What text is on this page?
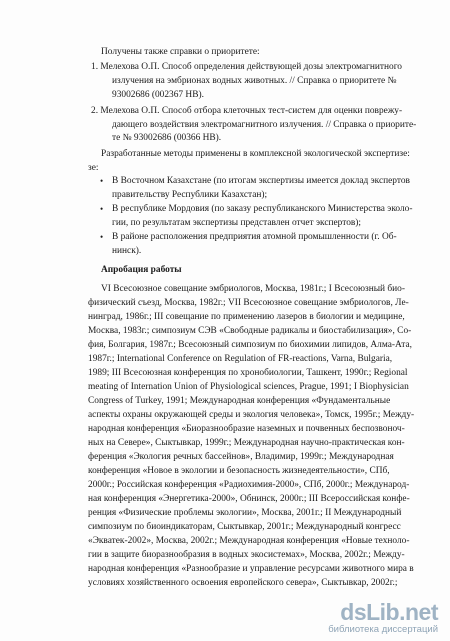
Получены также справки о приоритете:
1. Мелехова О.П. Способ определения действующей дозы электромагнитного
излучения на эмбрионах водных животных. // Справка о приоритете №
93002686 (002367 НВ).
2. Мелехова О.П. Способ отбора клеточных тест-систем для оценки поврежу-
дающего воздействия электромагнитного излучения. // Справка о приорите-
те № 93002686 (00366 НВ).
Разработанные методы применены в комплексной экологической экспертизе:
зе:
В Восточном Казахстане (по итогам экспертизы имеется доклад экспертов
правительству Республики Казахстан);
В республике Мордовия (по заказу республиканского Министерства эколо-
гии, по результатам экспертизы представлен отчет экспертов);
В районе расположения предприятия атомной промышленности (г. Об-
нинск).
Апробация работы
VI Всесоюзное совещание эмбриологов, Москва, 1981г.; I Всесоюзный био-
физический съезд, Москва, 1982г.; VII Всесоюзное совещание эмбриологов, Ле-
нинград, 1986г.; III совещание по применению лазеров в биологии и медицине,
Москва, 1983г.; симпозиум СЭВ «Свободные радикалы и биостабилизация», Со-
фия, Болгария, 1987г.; Всесоюзный симпозиум по биохимии липидов, Алма-Ата,
1987г.; International Conference on Regulation of FR-reactions, Varna, Bulgaria,
1989; III Всесоюзная конференция по хронобиологии, Ташкент, 1990г.; Regional
meating of Internation Union of Physiological sciences, Prague, 1991; I Biophysician
Congress of Turkey, 1991; Международная конференция «Фундаментальные
аспекты охраны окружающей среды и экология человека», Томск, 1995г.; Между-
народная конференция «Биоразнообразие наземных и почвенных беспозвоноч-
ных на Севере», Сыктывкар, 1999г.; Международная научно-практическая кон-
ференция «Экология речных бассейнов», Владимир, 1999г.; Международная
конференция «Новое в экологии и безопасность жизнедеятельности», СПб,
2000г.; Российская конференция «Радиохимия-2000», СПб, 2000г.; Международ-
ная конференция «Энергетика-2000», Обнинск, 2000г.; III Всероссийская конфе-
ренция «Физические проблемы экологии», Москва, 2001г.; II Международный
симпозиум по биоиндикаторам, Сыктывкар, 2001г.; Международный конгресс
«Экватек-2002», Москва, 2002г.; Международная конференция «Новые техноло-
гии в защите биоразнообразия в водных экосистемах», Москва, 2002г.; Между-
народная конференция «Разнообразие и управление ресурсами животного мира в
условиях хозяйственного освоения европейского севера», Сыктывкар, 2002г.;
•
•
•
dsLib.net
библиотека диссертаций
